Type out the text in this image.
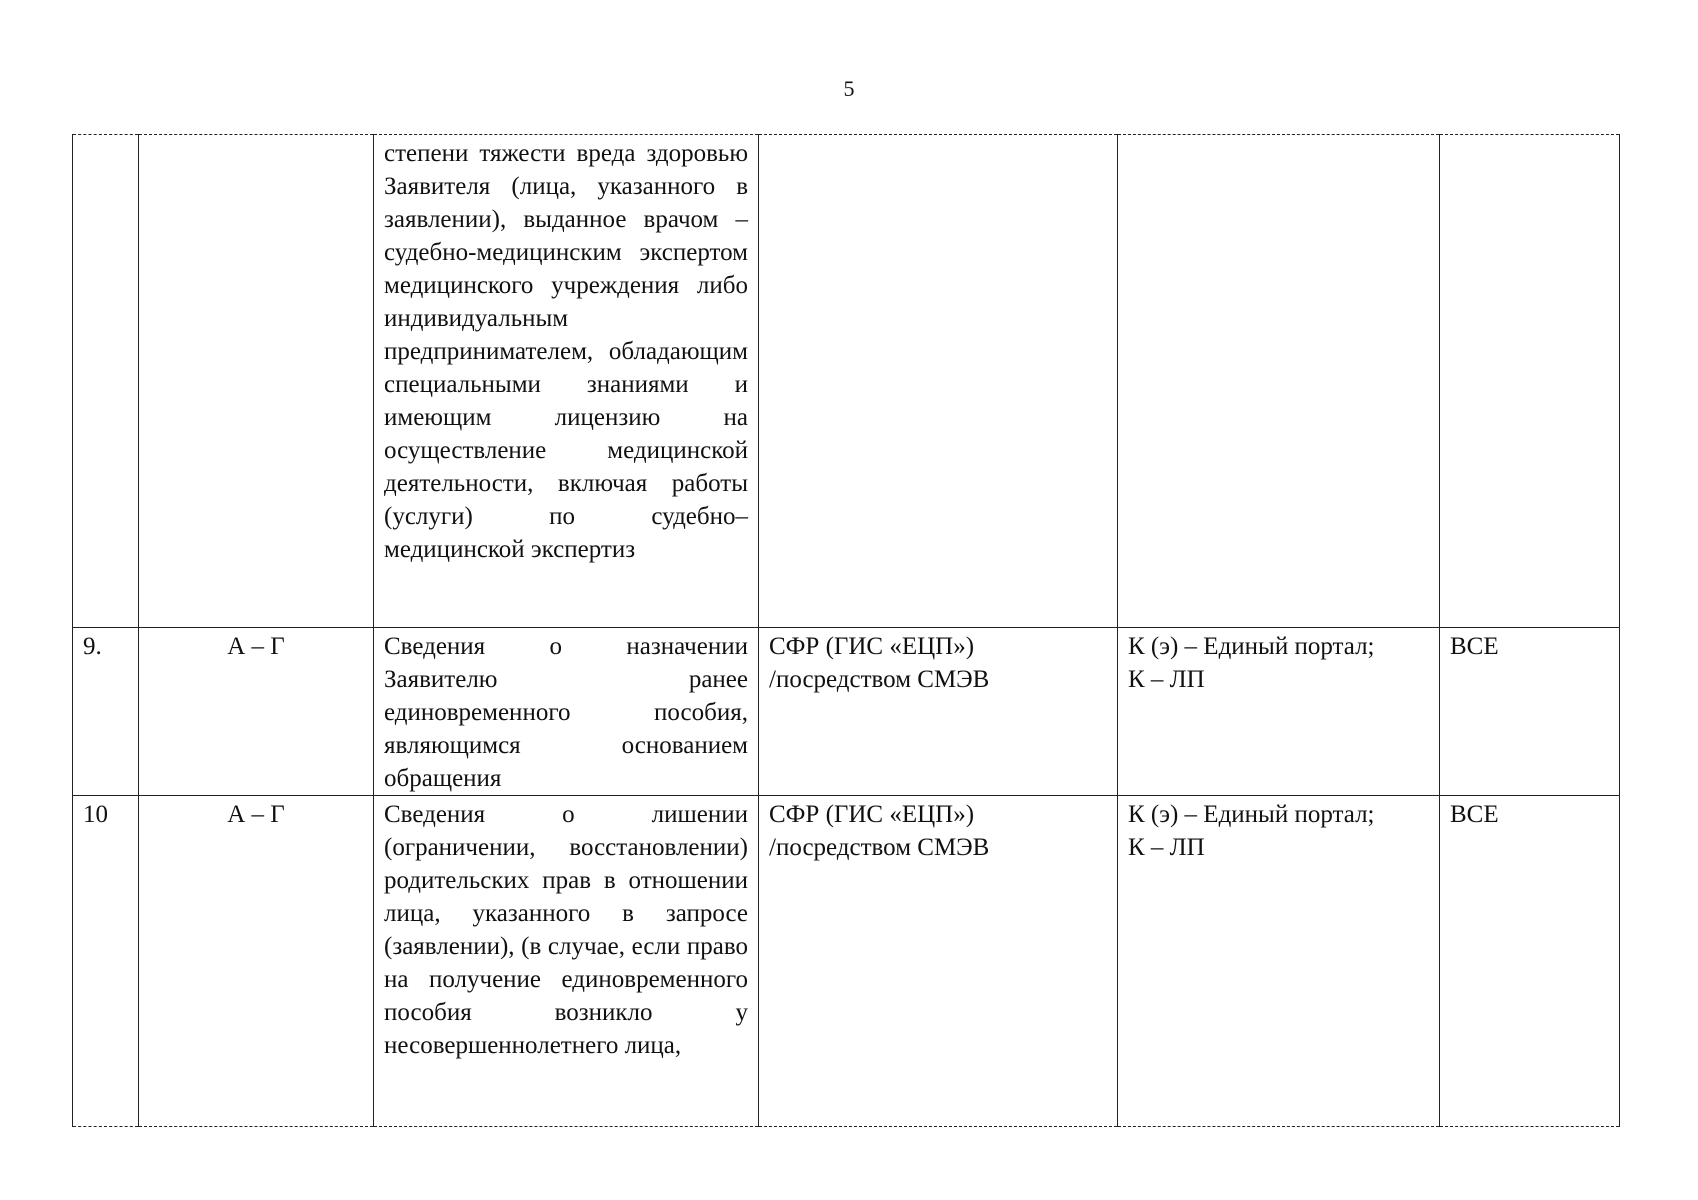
5
		степени тяжести вреда здоровью Заявителя (лица, указанного в заявлении), выданное врачом – судебно-медицинским экспертом медицинского учреждения либо индивидуальным предпринимателем, обладающим специальными знаниями и имеющим лицензию на осуществление медицинской деятельности, включая работы (услуги) по судебно–медицинской экспертиз			
9.	А – Г	Сведения о назначении Заявителю ранее единовременного пособия, являющимся основанием обращения	СФР (ГИС «ЕЦП»)
/посредством СМЭВ	К (э) – Единый портал;
К – ЛП	ВСЕ
10	А – Г	Сведения о лишении (ограничении, восстановлении) родительских прав в отношении лица, указанного в запросе (заявлении), (в случае, если право на получение единовременного пособия возникло у несовершеннолетнего лица,	СФР (ГИС «ЕЦП»)
/посредством СМЭВ	К (э) – Единый портал;
К – ЛП	ВСЕ
